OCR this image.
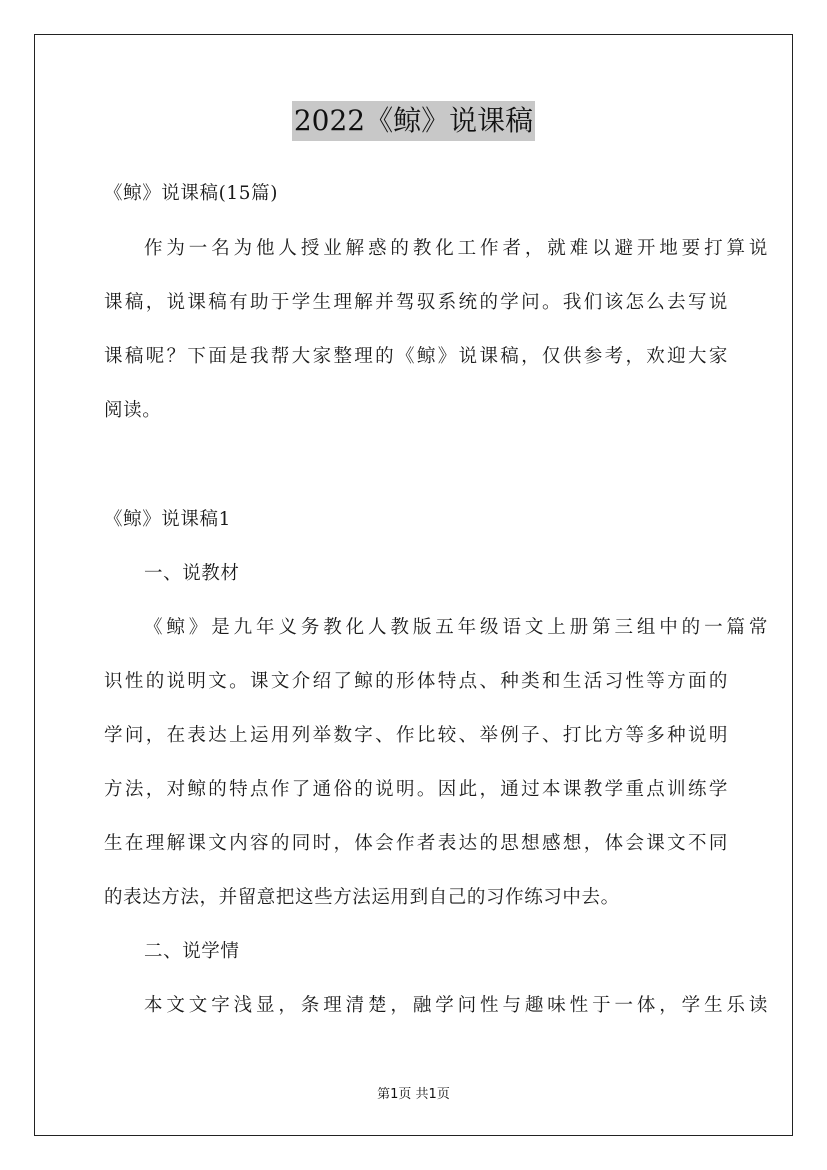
2022《鲸》说课稿
《鲸》说课稿(15篇)
作为一名为他人授业解惑的教化工作者，就难以避开地要打算说
课稿，说课稿有助于学生理解并驾驭系统的学问。我们该怎么去写说
课稿呢？下面是我帮大家整理的《鲸》说课稿，仅供参考，欢迎大家
阅读。
《鲸》说课稿1
一、说教材
《鲸》是九年义务教化人教版五年级语文上册第三组中的一篇常
识性的说明文。课文介绍了鲸的形体特点、种类和生活习性等方面的
学问，在表达上运用列举数字、作比较、举例子、打比方等多种说明
方法，对鲸的特点作了通俗的说明。因此，通过本课教学重点训练学
生在理解课文内容的同时，体会作者表达的思想感想，体会课文不同
的表达方法，并留意把这些方法运用到自己的习作练习中去。
二、说学情
本文文字浅显，条理清楚，融学问性与趣味性于一体，学生乐读
第1页 共1页
